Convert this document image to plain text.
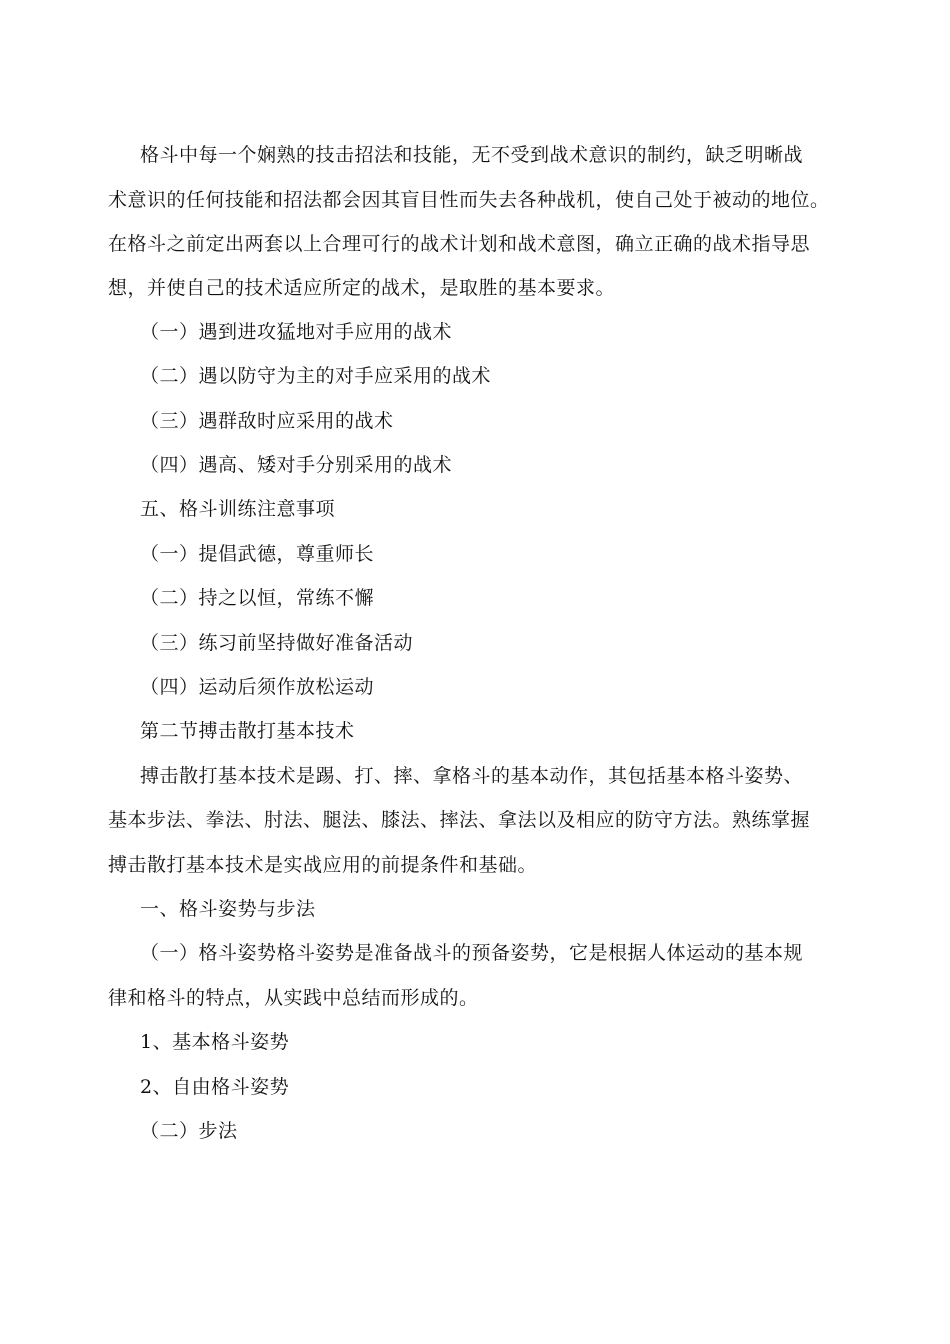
格斗中每一个娴熟的技击招法和技能，无不受到战术意识的制约，缺乏明晰战
术意识的任何技能和招法都会因其盲目性而失去各种战机，使自己处于被动的地位。
在格斗之前定出两套以上合理可行的战术计划和战术意图，确立正确的战术指导思
想，并使自己的技术适应所定的战术，是取胜的基本要求。
（一）遇到进攻猛地对手应用的战术
（二）遇以防守为主的对手应采用的战术
（三）遇群敌时应采用的战术
（四）遇高、矮对手分别采用的战术
五、格斗训练注意事项
（一）提倡武德，尊重师长
（二）持之以恒，常练不懈
（三）练习前坚持做好准备活动
（四）运动后须作放松运动
第二节搏击散打基本技术
搏击散打基本技术是踢、打、摔、拿格斗的基本动作，其包括基本格斗姿势、
基本步法、拳法、肘法、腿法、膝法、摔法、拿法以及相应的防守方法。熟练掌握
搏击散打基本技术是实战应用的前提条件和基础。
一、格斗姿势与步法
（一）格斗姿势格斗姿势是准备战斗的预备姿势，它是根据人体运动的基本规
律和格斗的特点，从实践中总结而形成的。
1、基本格斗姿势
2、自由格斗姿势
（二）步法
